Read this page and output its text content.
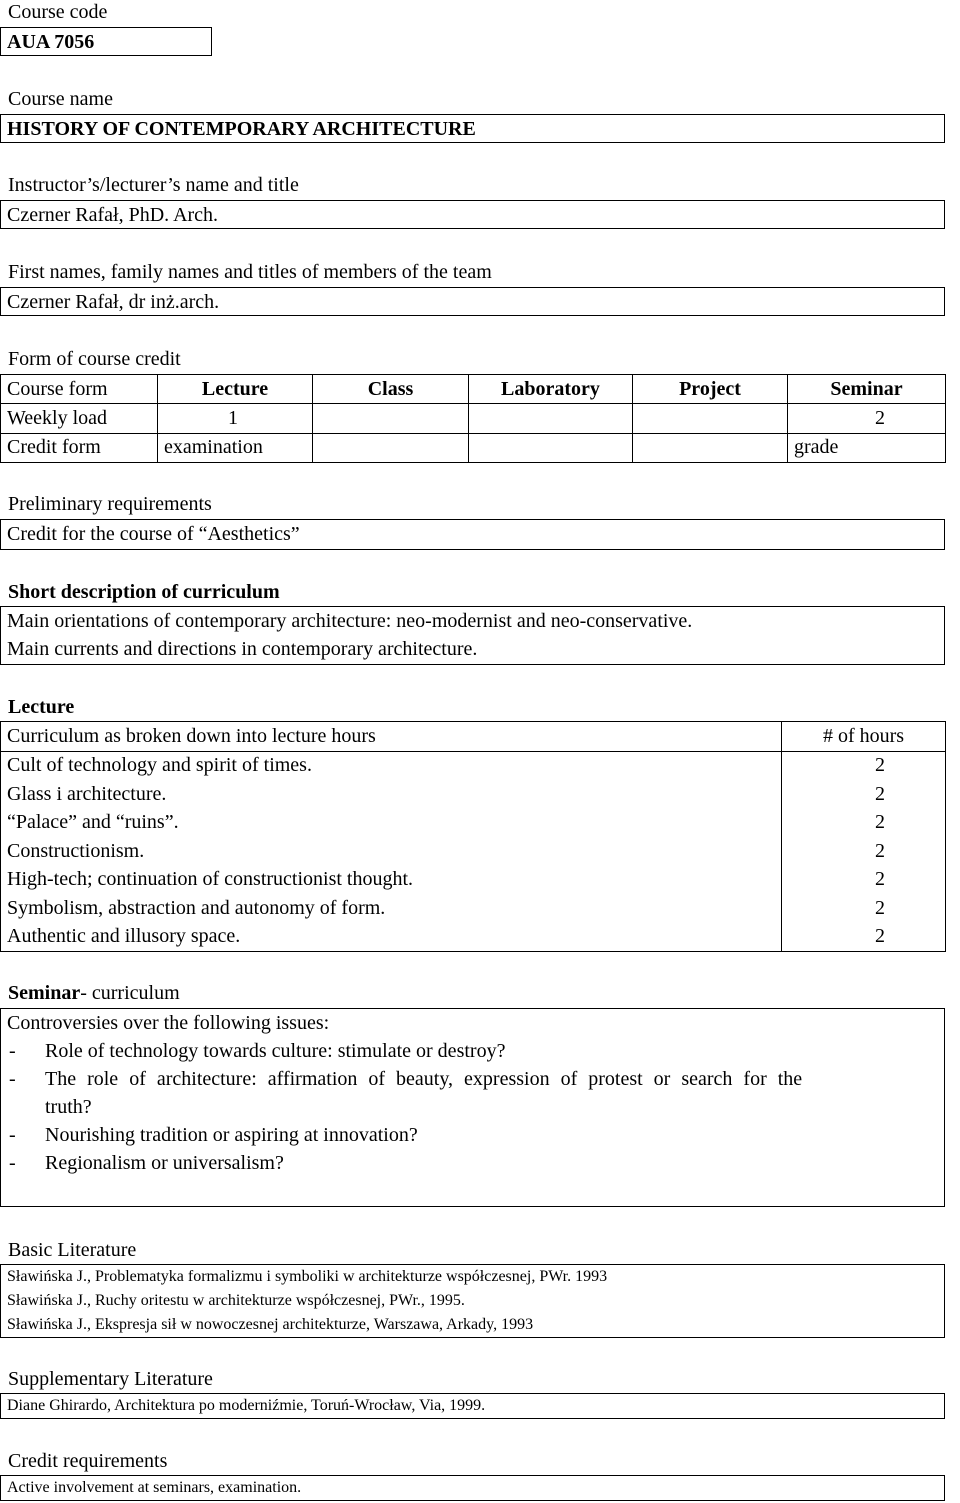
Course code
AUA 7056
Course name
HISTORY OF CONTEMPORARY ARCHITECTURE
Instructor’s/lecturer’s name and title
Czerner Rafał, PhD. Arch.
First names, family names and titles of members of the team
Czerner Rafał, dr inż.arch.
Form of course credit
Course form	Lecture	Class	Laboratory	Project	Seminar
Weekly load	1				2
Credit form	examination				grade
Preliminary requirements
Credit for the course of “Aesthetics”
Short description of curriculum
Main orientations of contemporary architecture: neo-modernist and neo-conservative.
Main currents and directions in contemporary architecture.
Lecture
Curriculum as broken down into lecture hours	# of hours
Cult of technology and spirit of times.	2
Glass i architecture.	2
“Palace” and “ruins”.	2
Constructionism.	2
High-tech; continuation of constructionist thought.	2
Symbolism, abstraction and autonomy of form.	2
Authentic and illusory space.	2
Seminar- curriculum
Controversies over the following issues:
- Role of technology towards culture: stimulate or destroy?
- The role of architecture: affirmation of beauty, expression of protest or search for the
truth?
- Nourishing tradition or aspiring at innovation?
- Regionalism or universalism?
Basic Literature
Sławińska J., Problematyka formalizmu i symboliki w architekturze współczesnej, PWr. 1993
Sławińska J., Ruchy oritestu w architekturze współczesnej, PWr., 1995.
Sławińska J., Ekspresja sił w nowoczesnej architekturze, Warszawa, Arkady, 1993
Supplementary Literature
Diane Ghirardo, Architektura po moderniźmie, Toruń-Wrocław, Via, 1999.
Credit requirements
Active involvement at seminars, examination.
